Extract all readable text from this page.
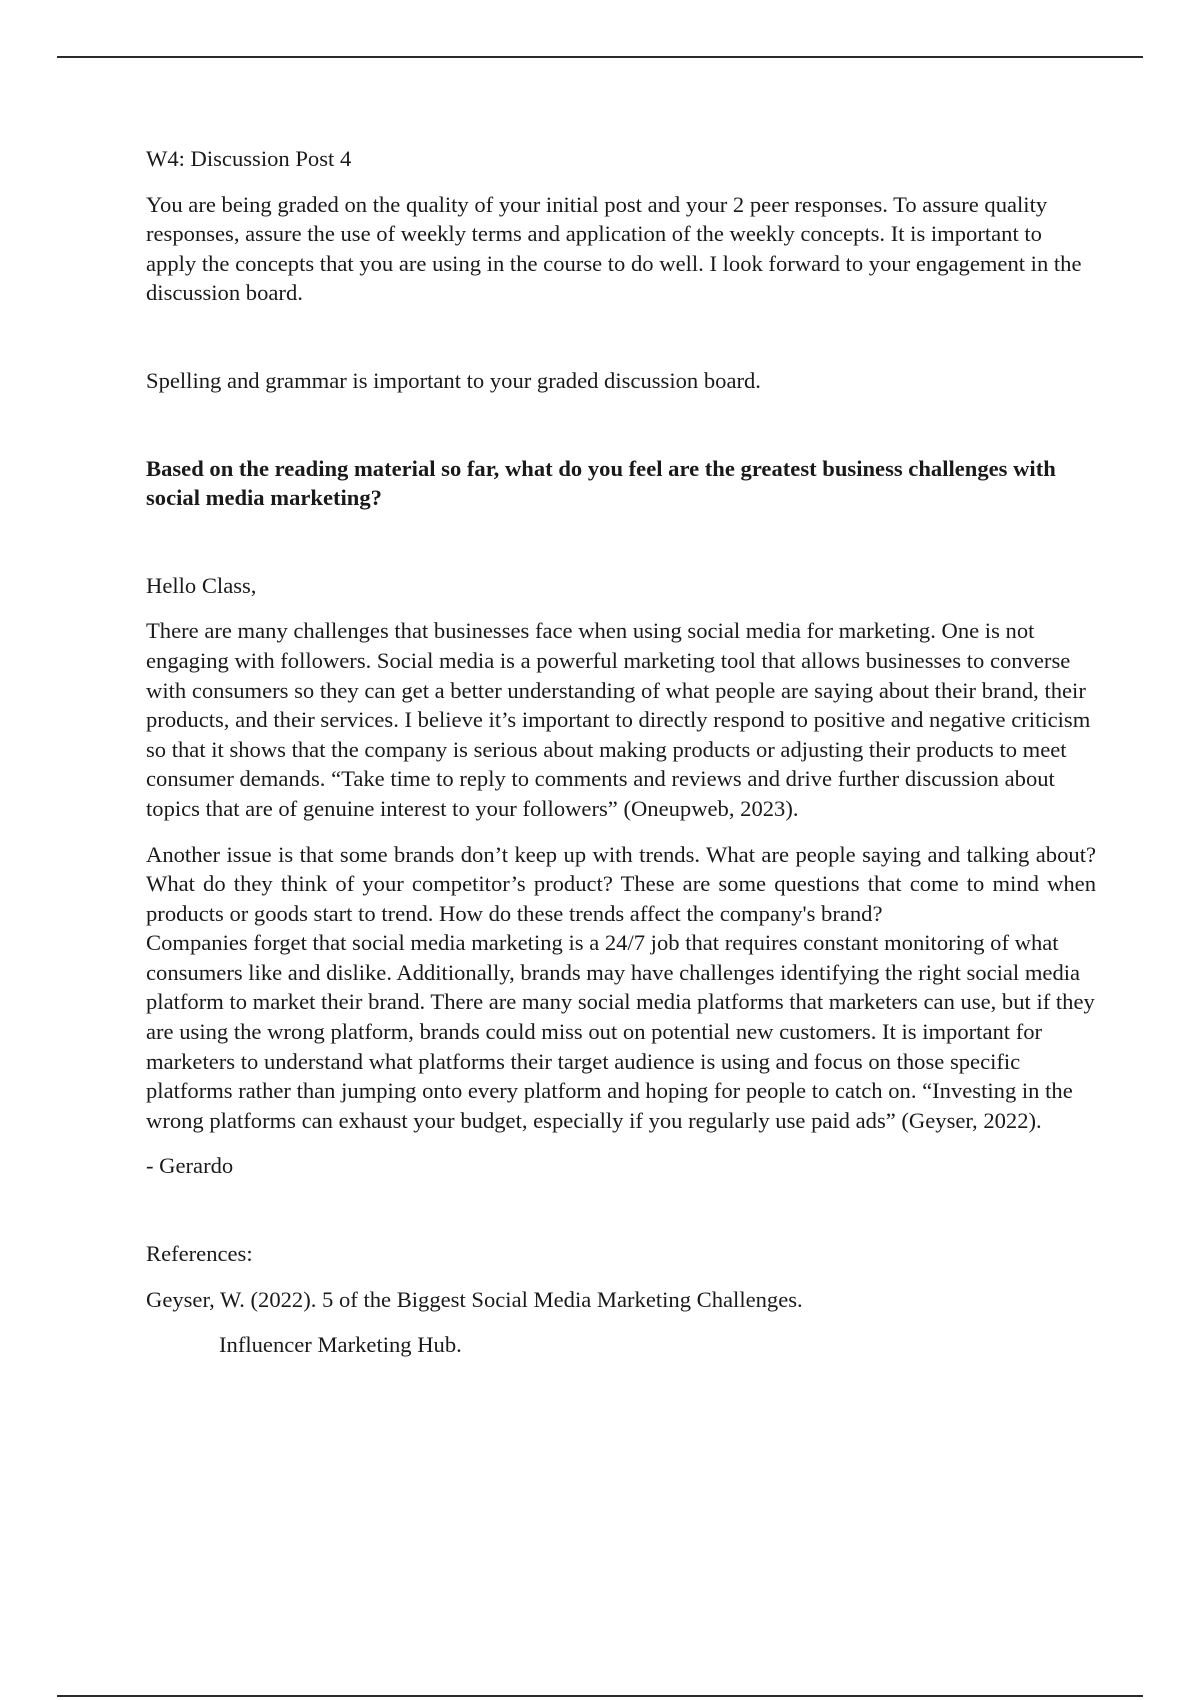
W4: Discussion Post 4

You are being graded on the quality of your initial post and your 2 peer responses. To assure quality responses, assure the use of weekly terms and application of the weekly concepts. It is important to apply the concepts that you are using in the course to do well. I look forward to your engagement in the discussion board.

Spelling and grammar is important to your graded discussion board.

Based on the reading material so far, what do you feel are the greatest business challenges with social media marketing?

Hello Class,

There are many challenges that businesses face when using social media for marketing. One is not engaging with followers. Social media is a powerful marketing tool that allows businesses to converse with consumers so they can get a better understanding of what people are saying about their brand, their products, and their services. I believe it’s important to directly respond to positive and negative criticism so that it shows that the company is serious about making products or adjusting their products to meet consumer demands. “Take time to reply to comments and reviews and drive further discussion about topics that are of genuine interest to your followers” (Oneupweb, 2023).

Another issue is that some brands don’t keep up with trends. What are people saying and talking about? What do they think of your competitor’s product? These are some questions that come to mind when products or goods start to trend. How do these trends affect the company's brand?

Companies forget that social media marketing is a 24/7 job that requires constant monitoring of what consumers like and dislike. Additionally, brands may have challenges identifying the right social media platform to market their brand. There are many social media platforms that marketers can use, but if they are using the wrong platform, brands could miss out on potential new customers. It is important for marketers to understand what platforms their target audience is using and focus on those specific platforms rather than jumping onto every platform and hoping for people to catch on. “Investing in the wrong platforms can exhaust your budget, especially if you regularly use paid ads” (Geyser, 2022).

- Gerardo

References:

Geyser, W. (2022). 5 of the Biggest Social Media Marketing Challenges.

Influencer Marketing Hub.
